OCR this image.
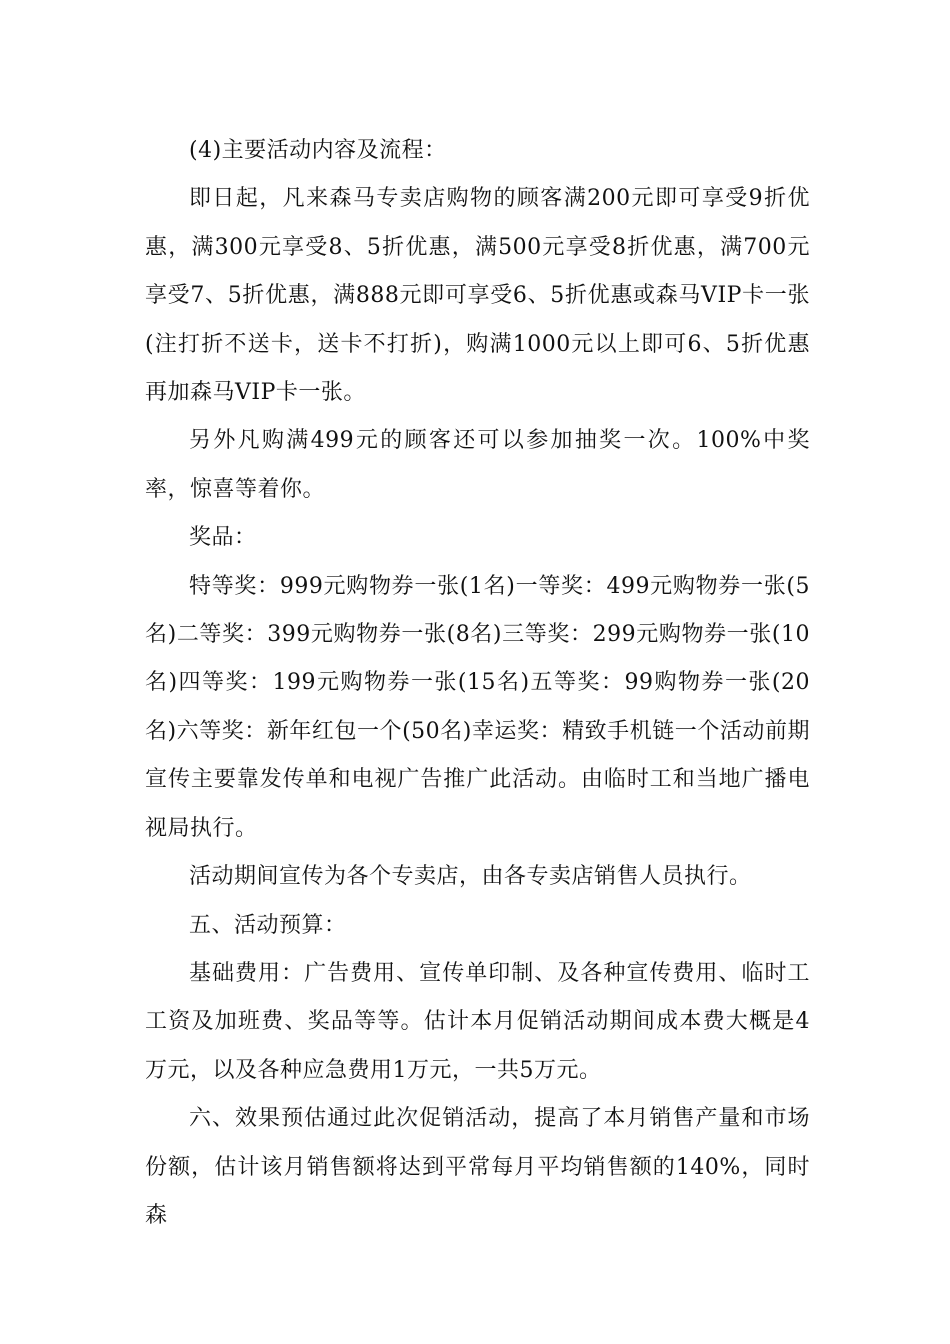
(4)主要活动内容及流程：

即日起，凡来森马专卖店购物的顾客满200元即可享受9折优惠，满300元享受8、5折优惠，满500元享受8折优惠，满700元享受7、5折优惠，满888元即可享受6、5折优惠或森马VIP卡一张(注打折不送卡，送卡不打折)，购满1000元以上即可6、5折优惠再加森马VIP卡一张。

另外凡购满499元的顾客还可以参加抽奖一次。100%中奖率，惊喜等着你。

奖品：

特等奖：999元购物券一张(1名)一等奖：499元购物券一张(5名)二等奖：399元购物券一张(8名)三等奖：299元购物券一张(10名)四等奖：199元购物券一张(15名)五等奖：99购物券一张(20名)六等奖：新年红包一个(50名)幸运奖：精致手机链一个活动前期宣传主要靠发传单和电视广告推广此活动。由临时工和当地广播电视局执行。

活动期间宣传为各个专卖店，由各专卖店销售人员执行。

五、活动预算：

基础费用：广告费用、宣传单印制、及各种宣传费用、临时工工资及加班费、奖品等等。估计本月促销活动期间成本费大概是4万元，以及各种应急费用1万元，一共5万元。

六、效果预估通过此次促销活动，提高了本月销售产量和市场份额，估计该月销售额将达到平常每月平均销售额的140%，同时森
